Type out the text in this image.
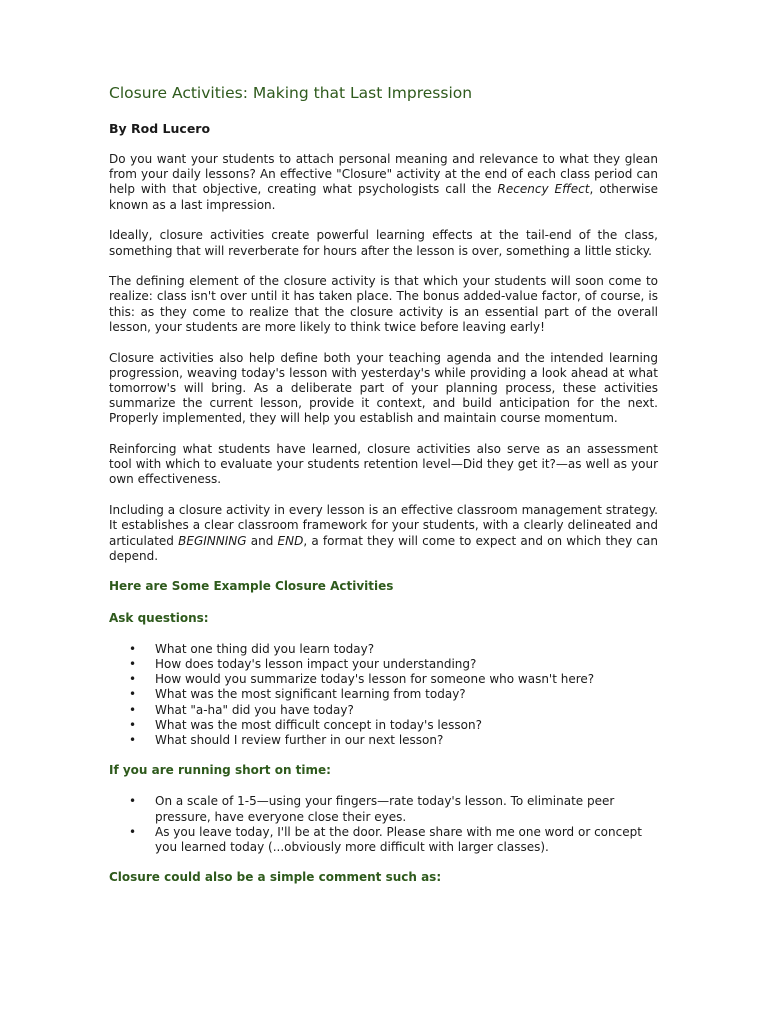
Closure Activities: Making that Last Impression

By Rod Lucero

Do you want your students to attach personal meaning and relevance to what they glean from your daily lessons? An effective "Closure" activity at the end of each class period can help with that objective, creating what psychologists call the Recency Effect, otherwise known as a last impression.

Ideally, closure activities create powerful learning effects at the tail-end of the class, something that will reverberate for hours after the lesson is over, something a little sticky.

The defining element of the closure activity is that which your students will soon come to realize: class isn't over until it has taken place. The bonus added-value factor, of course, is this: as they come to realize that the closure activity is an essential part of the overall lesson, your students are more likely to think twice before leaving early!

Closure activities also help define both your teaching agenda and the intended learning progression, weaving today's lesson with yesterday's while providing a look ahead at what tomorrow's will bring. As a deliberate part of your planning process, these activities summarize the current lesson, provide it context, and build anticipation for the next. Properly implemented, they will help you establish and maintain course momentum.

Reinforcing what students have learned, closure activities also serve as an assessment tool with which to evaluate your students retention level—Did they get it?—as well as your own effectiveness.

Including a closure activity in every lesson is an effective classroom management strategy. It establishes a clear classroom framework for your students, with a clearly delineated and articulated BEGINNING and END, a format they will come to expect and on which they can depend.

Here are Some Example Closure Activities
Ask questions:
• What one thing did you learn today?
• How does today's lesson impact your understanding?
• How would you summarize today's lesson for someone who wasn't here?
• What was the most significant learning from today?
• What "a-ha" did you have today?
• What was the most difficult concept in today's lesson?
• What should I review further in our next lesson?
If you are running short on time:
• On a scale of 1-5—using your fingers—rate today's lesson. To eliminate peer pressure, have everyone close their eyes.
• As you leave today, I'll be at the door. Please share with me one word or concept you learned today (...obviously more difficult with larger classes).
Closure could also be a simple comment such as:
